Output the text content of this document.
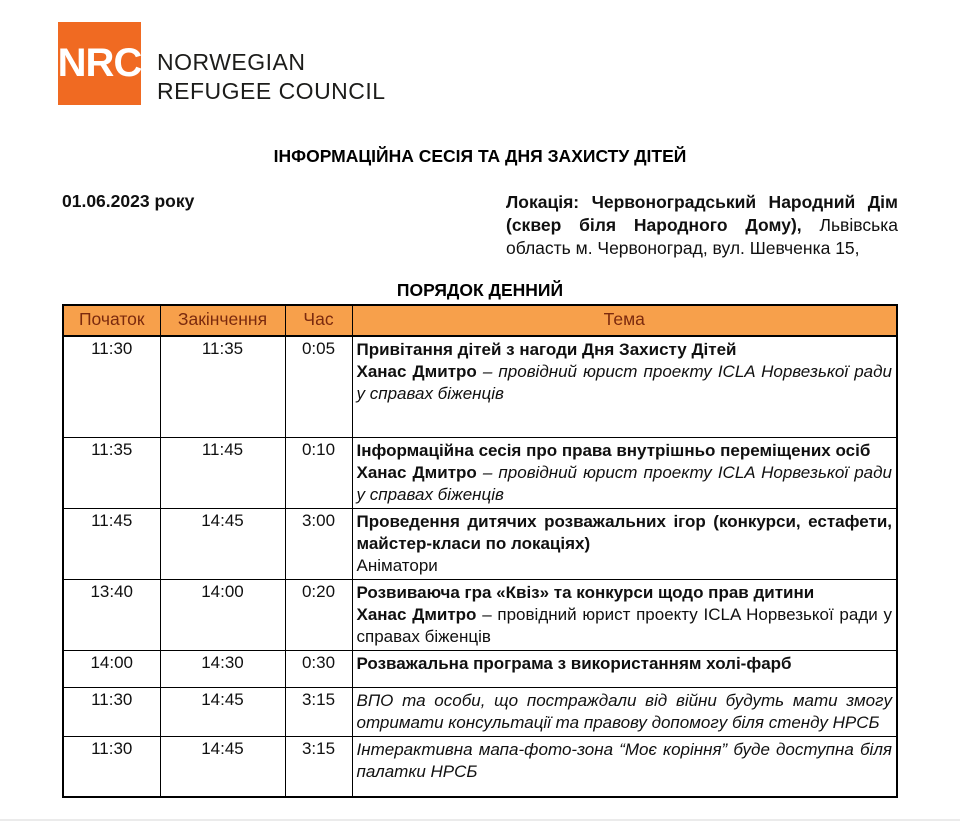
NRC NORWEGIAN
REFUGEE COUNCIL
ІНФОРМАЦІЙНА СЕСІЯ ТА ДНЯ ЗАХИСТУ ДІТЕЙ
01.06.2023 року	Локація: Червоноградський Народний Дім (сквер біля Народного Дому), Львівська область м. Червоноград, вул. Шевченка 15,
ПОРЯДОК ДЕННИЙ
Початок	Закінчення	Час	Тема
11:30	11:35	0:05	Привітання дітей з нагоди Дня Захисту Дітей
Ханас Дмитро – провідний юрист проекту ICLA Норвезької ради у справах біженців
11:35	11:45	0:10	Інформаційна сесія про права внутрішньо переміщених осіб
Ханас Дмитро – провідний юрист проекту ICLA Норвезької ради у справах біженців
11:45	14:45	3:00	Проведення дитячих розважальних ігор (конкурси, естафети, майстер-класи по локаціях)
Аніматори
13:40	14:00	0:20	Розвиваюча гра «Квіз» та конкурси щодо прав дитини
Ханас Дмитро – провідний юрист проекту ICLA Норвезької ради у справах біженців
14:00	14:30	0:30	Розважальна програма з використанням холі-фарб
11:30	14:45	3:15	ВПО та особи, що постраждали від війни будуть мати змогу отримати консультації та правову допомогу біля стенду НРСБ
11:30	14:45	3:15	Інтерактивна мапа-фото-зона “Моє коріння” буде доступна біля палатки НРСБ
